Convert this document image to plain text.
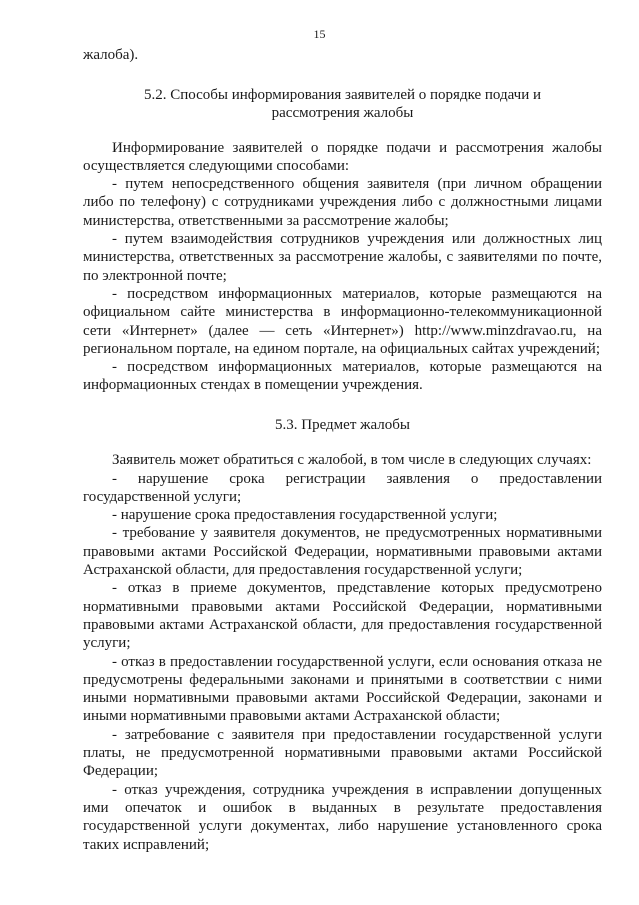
15
жалоба).
5.2. Способы информирования заявителей о порядке подачи и
рассмотрения жалобы

Информирование заявителей о порядке подачи и рассмотрения жалобы осуществляется следующими способами:

- путем непосредственного общения заявителя (при личном обращении либо по телефону) с сотрудниками учреждения либо с должностными лицами министерства, ответственными за рассмотрение жалобы;

- путем взаимодействия сотрудников учреждения или должностных лиц министерства, ответственных за рассмотрение жалобы, с заявителями по почте, по электронной почте;

- посредством информационных материалов, которые размещаются на официальном сайте министерства в информационно-телекоммуникационной сети «Интернет» (далее — сеть «Интернет») http://www.minzdravao.ru, на региональном портале, на едином портале, на официальных сайтах учреждений;

- посредством информационных материалов, которые размещаются на информационных стендах в помещении учреждения.

5.3. Предмет жалобы

Заявитель может обратиться с жалобой, в том числе в следующих случаях:

- нарушение срока регистрации заявления о предоставлении государственной услуги;

- нарушение срока предоставления государственной услуги;

- требование у заявителя документов, не предусмотренных нормативными правовыми актами Российской Федерации, нормативными правовыми актами Астраханской области, для предоставления государственной услуги;

- отказ в приеме документов, представление которых предусмотрено нормативными правовыми актами Российской Федерации, нормативными правовыми актами Астраханской области, для предоставления государственной услуги;

- отказ в предоставлении государственной услуги, если основания отказа не предусмотрены федеральными законами и принятыми в соответствии с ними иными нормативными правовыми актами Российской Федерации, законами и иными нормативными правовыми актами Астраханской области;

- затребование с заявителя при предоставлении государственной услуги платы, не предусмотренной нормативными правовыми актами Российской Федерации;

- отказ учреждения, сотрудника учреждения в исправлении допущенных ими опечаток и ошибок в выданных в результате предоставления государственной услуги документах, либо нарушение установленного срока таких исправлений;
